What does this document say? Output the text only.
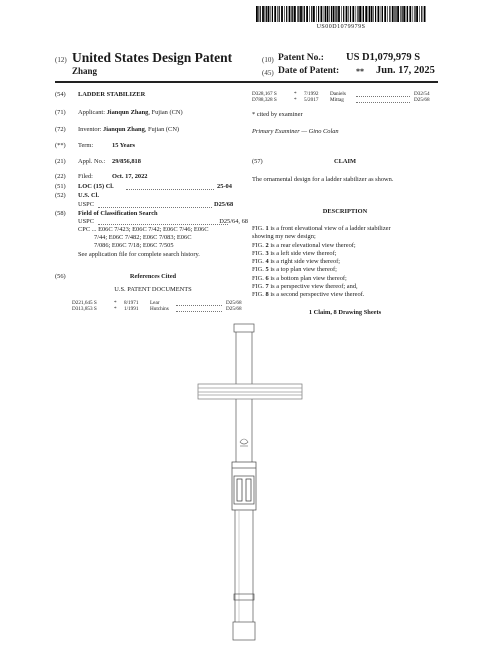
US00D1079979S
(12) United States Design Patent
Zhang
(10) Patent No.: US D1,079,979 S
(45) Date of Patent: ** Jun. 17, 2025
(54) LADDER STABILIZER
(71) Applicant: Jianqun Zhang, Fujian (CN)
(72) Inventor: Jianqun Zhang, Fujian (CN)
(**) Term:	15 Years
(21) Appl. No.: 29/856,818
(22) Filed:	Oct. 17, 2022
(51) LOC (15) Cl.	25-04
(52) U.S. Cl.
USPC	D25/68
(58) Field of Classification Search
USPC	D25/64, 68
CPC ... E06C 7/423; E06C 7/42; E06C 7/46; E06C
7/44; E06C 7/482; E06C 7/083; E06C
7/086; E06C 7/18; E06C 7/505
See application file for complete search history.
(56)	References Cited
U.S. PATENT DOCUMENTS
D221,645 S	*	8/1971	Lear	D25/68
D313,853 S	*	1/1991	Hutchins	D25/68
D328,167 S	*	7/1992	Daniels	D32/54
D788,328 S	*	5/2017	Mittag	D25/68
* cited by examiner
Primary Examiner — Gino Colan
(57)	CLAIM
The ornamental design for a ladder stabilizer as shown.
DESCRIPTION
FIG. 1 is a front elevational view of a ladder stabilizer
showing my new design;
FIG. 2 is a rear elevational view thereof;
FIG. 3 is a left side view thereof;
FIG. 4 is a right side view thereof;
FIG. 5 is a top plan view thereof;
FIG. 6 is a bottom plan view thereof;
FIG. 7 is a perspective view thereof; and,
FIG. 8 is a second perspective view thereof.
1 Claim, 8 Drawing Sheets
